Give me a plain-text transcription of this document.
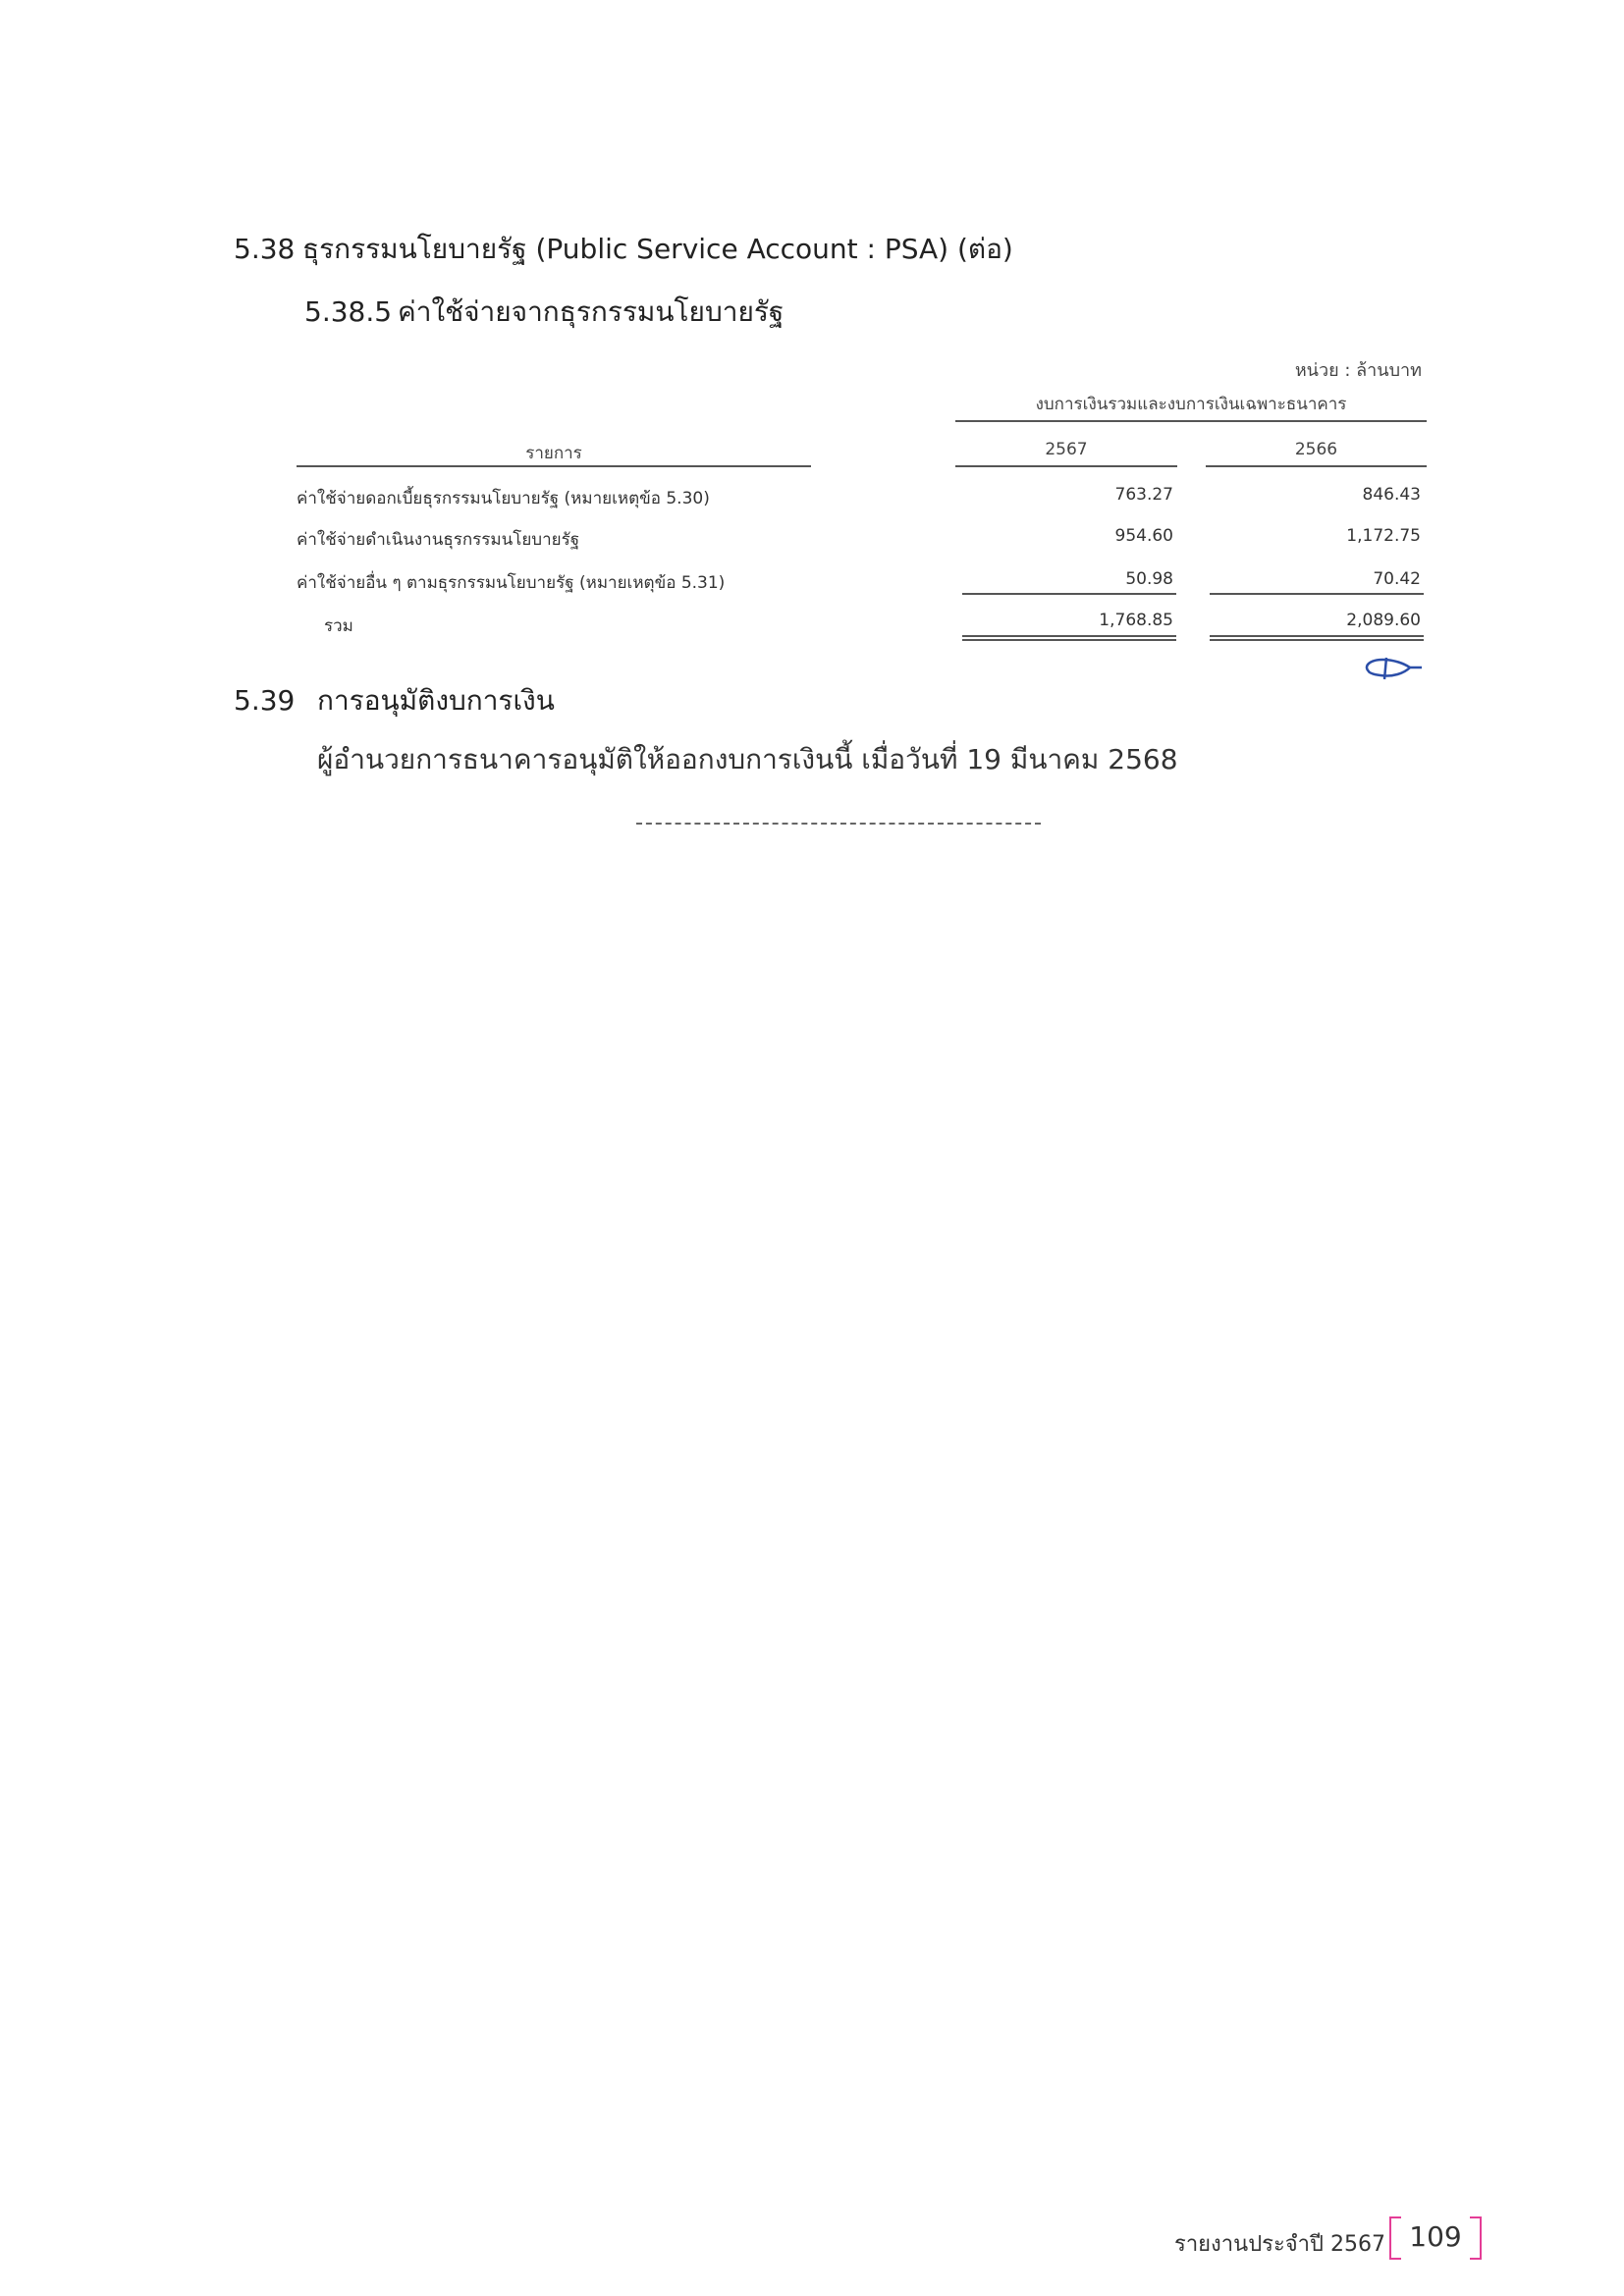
5.38 ธุรกรรมนโยบายรัฐ (Public Service Account : PSA) (ต่อ)
5.38.5 ค่าใช้จ่ายจากธุรกรรมนโยบายรัฐ
หน่วย : ล้านบาท
งบการเงินรวมและงบการเงินเฉพาะธนาคาร
รายการ	2567	2566
ค่าใช้จ่ายดอกเบี้ยธุรกรรมนโยบายรัฐ (หมายเหตุข้อ 5.30)	763.27	846.43
ค่าใช้จ่ายดำเนินงานธุรกรรมนโยบายรัฐ	954.60	1,172.75
ค่าใช้จ่ายอื่น ๆ ตามธุรกรรมนโยบายรัฐ (หมายเหตุข้อ 5.31)	50.98	70.42
รวม	1,768.85	2,089.60
5.39 การอนุมัติงบการเงิน
ผู้อำนวยการธนาคารอนุมัติให้ออกงบการเงินนี้ เมื่อวันที่ 19 มีนาคม 2568
รายงานประจำปี 2567 109
